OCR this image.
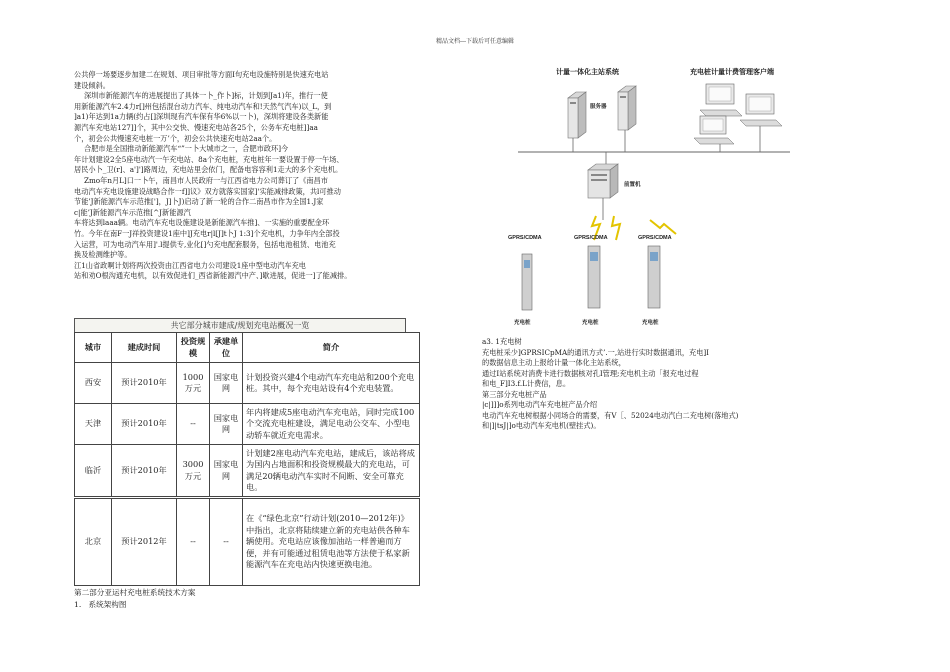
精品文档---下载后可任意编辑

公共停一场要逐步加建二在规划、项目审批等方面I句充电设施特别是快速充电站

建设倾斜。

深圳市新能源汽车的进展提出了具体一卜_作卜]标，计划到Ja1)年，推行一使

用新能源汽车2.4力r[]州包括混台动力汽车、纯电动汽车和!天然气汽车)以_L，到

]a1)年达到1a力辆(约占[]深圳现有汽车保有华6%以一卜)，深圳将建设各类新能

源汽车充电站127]]个，其中公交快、慢速充电站各25个，公务车充电桩]]aa

个，初会公共慢速充电桩一万’个，初会公共快速充电站2aa个。

合肥市是全国推动新能源汽车“”一卜大城市之一，合肥市政环]今

年计划建设2全5座电动汽一午充电站、8a个充电桩，充电桩年一要设置于停一午场、

居民小卜_卫(r]、a']']路周边，充电站里会依门，配备电容容利1走大的多个充电机。

Zmo年n月L]口一卜午，南昌市人民政府一与江西省电力公司葬订了《南昌市

电动汽车充电设施建设战略合作一f]]议》双方就落实国家]'实能减排政策，共l可推动

节能’J新能源汽车示范推[']，J]卜J)启动了新一轮的合作二南昌市作为全国1.J家

c|能’J新能源汽车示范推[^J新能源汽

车将达到laaa辆。电动汽车充电设施建设是新能源汽车推]、一实施的重要配金环

竹。今年在南F一J祥投资建设1座中]J充电r|l[J]t卜J 1:3]个充电机，力争年内全部投

入运营，可为电动汽车用]'.l提供专,业化[]勺充电配套服务，包括电池租赁、电池充

换及检测维护等。

江1山省政啊计划将两次投资由江西省电力公司建设1座中型电动汽车充电

站和劝O根沟通充电机，以有效促进们_西省新能源汽中产、]歇进展，促进一]了能减排。

共它部分城市建成/规划充电站概况一览
城市	建成时间	投资规模	承建单位	简介
西安	预计2010年	1000万元	国家电网	计划投资兴建4个电动汽车充电站和200个充电桩。其中，每个充电站设有4个充电装置。
天津	预计2010年	--	国家电网	年内将建成5座电动汽车充电站，同时完成100个交流充电桩建设，满足电动公交车、小型电动轿车就近充电需求。
临沂	预计2010年	3000万元	国家电网	计划建2座电动汽车充电站，建成后，该站将成为国内占地面积和投资规模最大的充电站，可满足20辆电动汽车实时不间断、安全可靠充电。
北京	预计2012年	--	--	在《“绿色北京”行动计划(2010—2012年)》中指出，北京将陆续建立新的充电站供各种车辆使用。充电站应该像加油站一样普遍而方便，并有可能通过租赁电池等方法使于私家新能源汽车在充电站内快速更换电池。

第二部分亚运村充电桩系统技术方案

1. 系统架构图

计量一体化主站系统	充电桩计量计费管理客户端
服务器
前置机
GPRS/CDMA	GPRS/CDMA	GPRS/CDMA
充电桩	充电桩	充电桩

a3. 1充电树

充电桩采少]GPRSICpMA的通讯方式’.一,站进行实时数据通讯，充电]I

的数据信息主动上报给计量一体化主站系统，

通过I站系统对消费卡进行数据核对孔I管理;充电机主动「报充电过程

和电_F]I3.f.L计费信，息。

第三部分充电桩产品

|c|]]]o系列电动汽车充电桩产品介绍

电动汽车充电树根据小同场合的需要，有V［、52024电动汽白二充电树(落地式)

和|]|tsJ|]o电动汽车充电机(壁挂式)。
